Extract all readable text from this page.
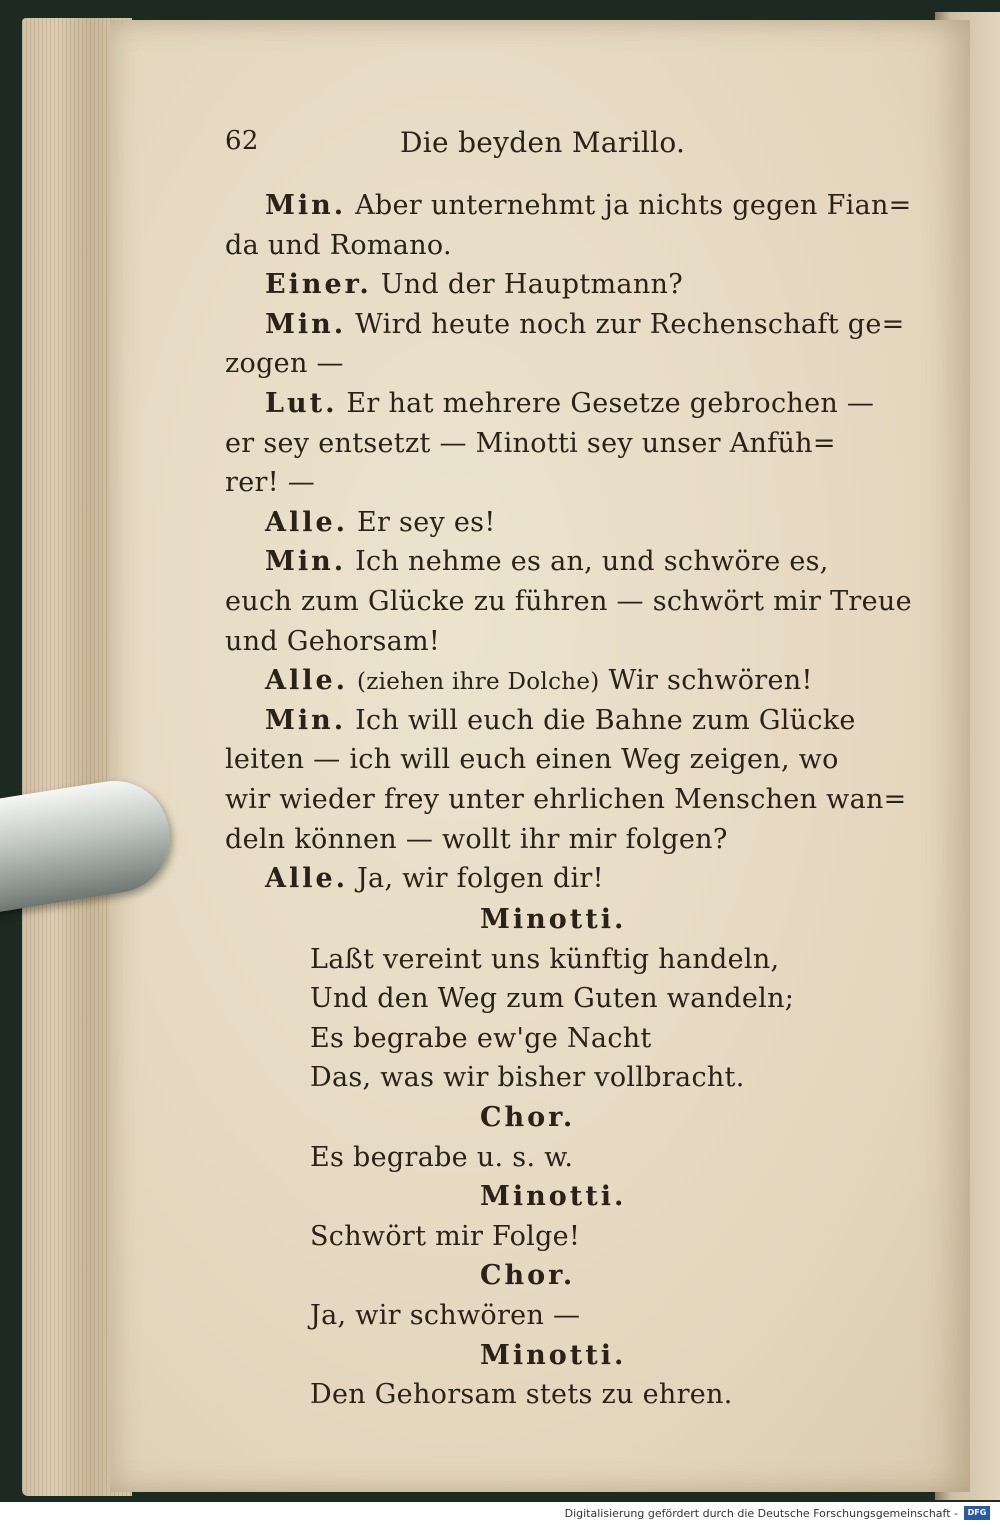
62	Die beyden Marillo.
Min. Aber unternehmt ja nichts gegen Fian=
da und Romano.
Einer. Und der Hauptmann?
Min. Wird heute noch zur Rechenschaft ge=
zogen —
Lut. Er hat mehrere Gesetze gebrochen —
er sey entsetzt — Minotti sey unser Anfüh=
rer! —
Alle. Er sey es!
Min. Ich nehme es an, und schwöre es,
euch zum Glücke zu führen — schwört mir Treue
und Gehorsam!
Alle. (ziehen ihre Dolche) Wir schwören!
Min. Ich will euch die Bahne zum Glücke
leiten — ich will euch einen Weg zeigen, wo
wir wieder frey unter ehrlichen Menschen wan=
deln können — wollt ihr mir folgen?
Alle. Ja, wir folgen dir!
Minotti.
Laßt vereint uns künftig handeln,
Und den Weg zum Guten wandeln;
Es begrabe ew'ge Nacht
Das, was wir bisher vollbracht.
Chor.
Es begrabe u. s. w.
Minotti.
Schwört mir Folge!
Chor.
Ja, wir schwören —
Minotti.
Den Gehorsam stets zu ehren.
Digitalisierung gefördert durch die Deutsche Forschungsgemeinschaft -	DFG
